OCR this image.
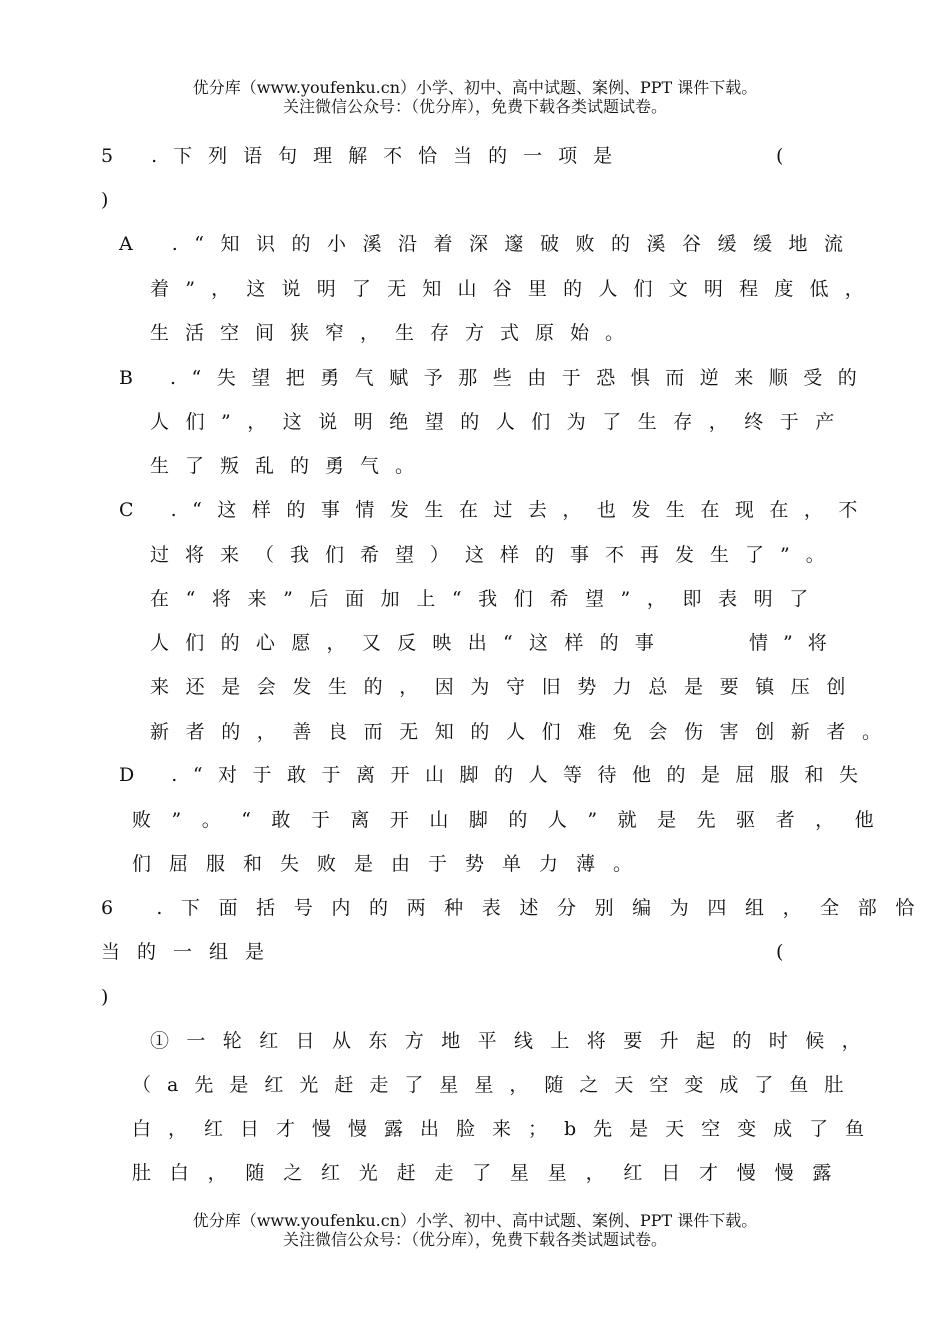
优分库（www.youfenku.cn）小学、初中、高中试题、案例、PPT 课件下载。
关注微信公众号：（优分库），免费下载各类试题试卷。
5 .下列语句理解不恰当的一项是	(
)
A .“知识的小溪沿着深邃破败的溪谷缓缓地流
着”，这说明了无知山谷里的人们文明程度低，
生活空间狭窄，生存方式原始。
B .“失望把勇气赋予那些由于恐惧而逆来顺受的
人们”，这说明绝望的人们为了生存，终于产
生了叛乱的勇气。
C .“这样的事情发生在过去，也发生在现在，不
过将来（我们希望）这样的事不再发生了”。
在“将来”后面加上“我们希望”，即表明了
人们的心愿，又反映出“这样的事	情”将
来还是会发生的，因为守旧势力总是要镇压创
新者的，善良而无知的人们难免会伤害创新者。
D .“对于敢于离开山脚的人等待他的是屈服和失
败”。“敢于离开山脚的人”就是先驱者，他
们屈服和失败是由于势单力薄。
6 .下面括号内的两种表述分别编为四组，全部恰
当的一组是	(
)
①一轮红日从东方地平线上将要升起的时候，
（a先是红光赶走了星星，随之天空变成了鱼肚
白，红日才慢慢露出脸来；b先是天空变成了鱼
肚白，随之红光赶走了星星，红日才慢慢露
优分库（www.youfenku.cn）小学、初中、高中试题、案例、PPT 课件下载。
关注微信公众号：（优分库），免费下载各类试题试卷。
